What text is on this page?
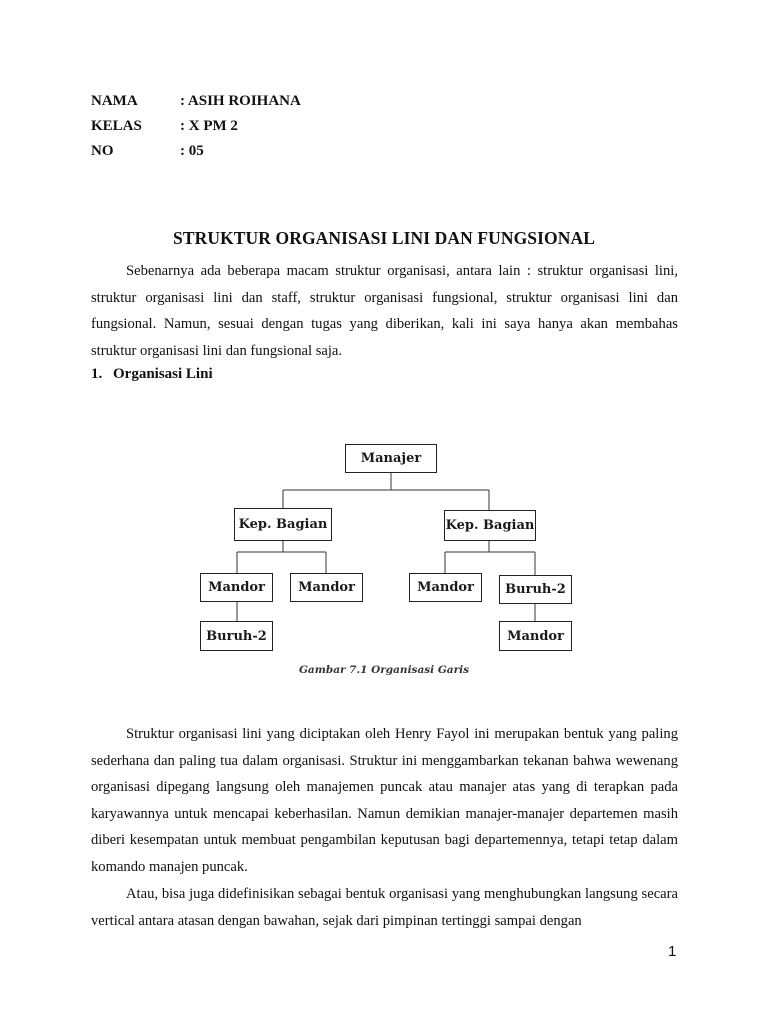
NAMA	: ASIH ROIHANA
KELAS	: X PM 2
NO	: 05
STRUKTUR ORGANISASI LINI DAN FUNGSIONAL

Sebenarnya ada beberapa macam struktur organisasi, antara lain : struktur organisasi lini, struktur organisasi lini dan staff, struktur organisasi fungsional, struktur organisasi lini dan fungsional. Namun, sesuai dengan tugas yang diberikan, kali ini saya hanya akan membahas struktur organisasi lini dan fungsional saja.

1. Organisasi Lini
Manajer
Kep. Bagian	Kep. Bagian
Mandor	Mandor
Buruh-2
Mandor	Buruh-2
Mandor
Gambar 7.1 Organisasi Garis

Struktur organisasi lini yang diciptakan oleh Henry Fayol ini merupakan bentuk yang paling sederhana dan paling tua dalam organisasi. Struktur ini menggambarkan tekanan bahwa wewenang organisasi dipegang langsung oleh manajemen puncak atau manajer atas yang di terapkan pada karyawannya untuk mencapai keberhasilan. Namun demikian manajer-manajer departemen masih diberi kesempatan untuk membuat pengambilan keputusan bagi departemennya, tetapi tetap dalam komando manajen puncak.

Atau, bisa juga didefinisikan sebagai bentuk organisasi yang menghubungkan langsung secara vertical antara atasan dengan bawahan, sejak dari pimpinan tertinggi sampai dengan

1
